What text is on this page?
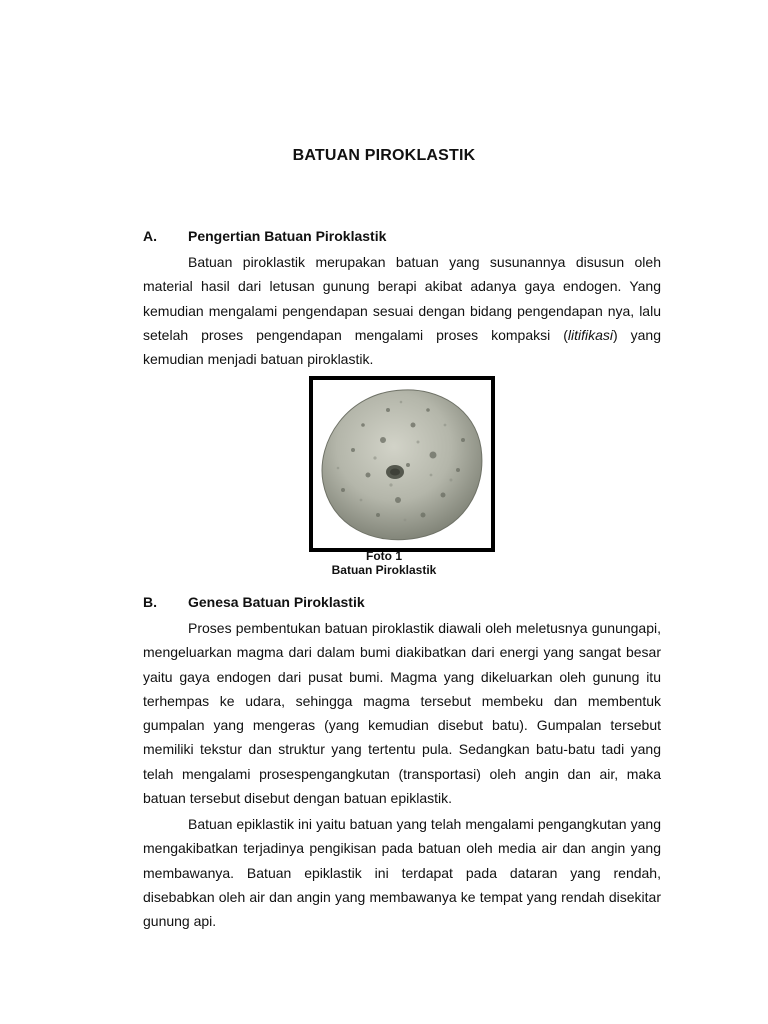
BATUAN PIROKLASTIK
A. Pengertian Batuan Piroklastik

Batuan piroklastik merupakan batuan yang susunannya disusun oleh material hasil dari letusan gunung berapi akibat adanya gaya endogen. Yang kemudian mengalami pengendapan sesuai dengan bidang pengendapan nya, lalu setelah proses pengendapan mengalami proses kompaksi (litifikasi) yang kemudian menjadi batuan piroklastik.

Foto 1
Batuan Piroklastik
B. Genesa Batuan Piroklastik

Proses pembentukan batuan piroklastik diawali oleh meletusnya gunungapi, mengeluarkan magma dari dalam bumi diakibatkan dari energi yang sangat besar yaitu gaya endogen dari pusat bumi. Magma yang dikeluarkan oleh gunung itu terhempas ke udara, sehingga magma tersebut membeku dan membentuk gumpalan yang mengeras (yang kemudian disebut batu). Gumpalan tersebut memiliki tekstur dan struktur yang tertentu pula. Sedangkan batu-batu tadi yang telah mengalami prosespengangkutan (transportasi) oleh angin dan air, maka batuan tersebut disebut dengan batuan epiklastik.

Batuan epiklastik ini yaitu batuan yang telah mengalami pengangkutan yang mengakibatkan terjadinya pengikisan pada batuan oleh media air dan angin yang membawanya. Batuan epiklastik ini terdapat pada dataran yang rendah, disebabkan oleh air dan angin yang membawanya ke tempat yang rendah disekitar gunung api.
